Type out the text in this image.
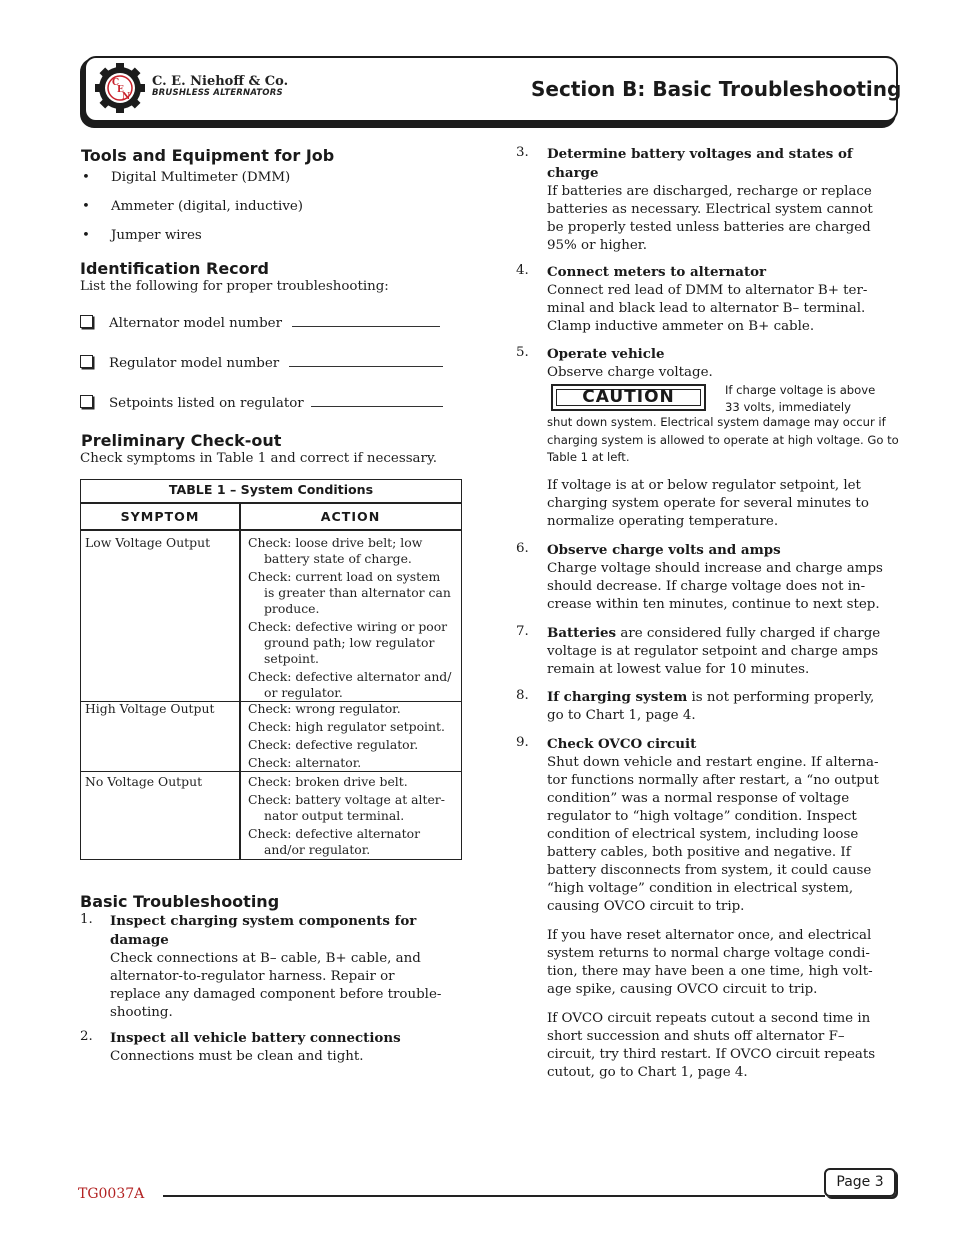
C
E
N
C. E. Niehoff & Co.
BRUSHLESS ALTERNATORS	Section B: Basic Troubleshooting
Tools and Equipment for Job
• Digital Multimeter (DMM)
• Ammeter (digital, inductive)
• Jumper wires
Identification Record
List the following for proper troubleshooting:
Alternator model number
Regulator model number
Setpoints listed on regulator
Preliminary Check-out
Check symptoms in Table 1 and correct if necessary.
TABLE 1 – System Conditions
SYMPTOM	ACTION
Low Voltage Output	Check: loose drive belt; low
battery state of charge.
Check: current load on system
is greater than alternator can
produce.
Check: defective wiring or poor
ground path; low regulator
setpoint.
Check: defective alternator and/
or regulator.
High Voltage Output	Check: wrong regulator.
Check: high regulator setpoint.
Check: defective regulator.
Check: alternator.
No Voltage Output	Check: broken drive belt.
Check: battery voltage at alter-
nator output terminal.
Check: defective alternator
and/or regulator.
Basic Troubleshooting
1. Inspect charging system components for
damage
Check connections at B– cable, B+ cable, and
alternator-to-regulator harness. Repair or
replace any damaged component before trouble-
shooting.
2. Inspect all vehicle battery connections
Connections must be clean and tight.
3. Determine battery voltages and states of
charge
If batteries are discharged, recharge or replace
batteries as necessary. Electrical system cannot
be properly tested unless batteries are charged
95% or higher.
4. Connect meters to alternator
Connect red lead of DMM to alternator B+ ter-
minal and black lead to alternator B– terminal.
Clamp inductive ammeter on B+ cable.
5. Operate vehicle
Observe charge voltage.
CAUTION	If charge voltage is above
33 volts, immediately
shut down system. Electrical system damage may occur if
charging system is allowed to operate at high voltage. Go to
Table 1 at left.
If voltage is at or below regulator setpoint, let
charging system operate for several minutes to
normalize operating temperature.
6. Observe charge volts and amps
Charge voltage should increase and charge amps
should decrease. If charge voltage does not in-
crease within ten minutes, continue to next step.
7. Batteries are considered fully charged if charge
voltage is at regulator setpoint and charge amps
remain at lowest value for 10 minutes.
8. If charging system is not performing properly,
go to Chart 1, page 4.
9. Check OVCO circuit
Shut down vehicle and restart engine. If alterna-
tor functions normally after restart, a “no output
condition” was a normal response of voltage
regulator to “high voltage” condition. Inspect
condition of electrical system, including loose
battery cables, both positive and negative. If
battery disconnects from system, it could cause
“high voltage” condition in electrical system,
causing OVCO circuit to trip.
If you have reset alternator once, and electrical
system returns to normal charge voltage condi-
tion, there may have been a one time, high volt-
age spike, causing OVCO circuit to trip.
If OVCO circuit repeats cutout a second time in
short succession and shuts off alternator F–
circuit, try third restart. If OVCO circuit repeats
cutout, go to Chart 1, page 4.
TG0037A
Page 3
